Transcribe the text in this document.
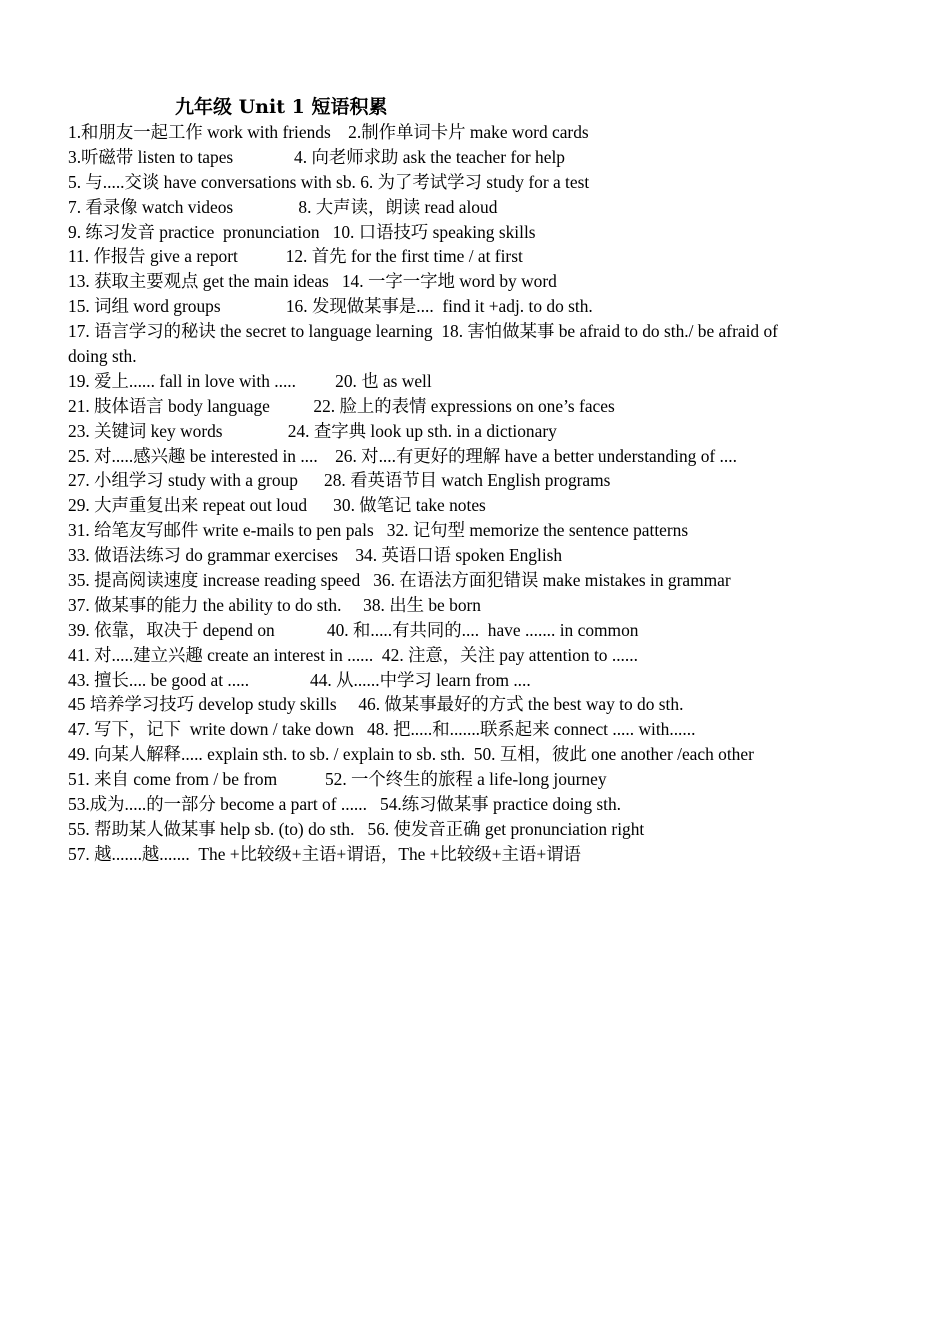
九年级 Unit 1 短语积累
1.和朋友一起工作 work with friends    2.制作单词卡片 make word cards
3.听磁带 listen to tapes              4. 向老师求助 ask the teacher for help
5. 与.....交谈 have conversations with sb. 6. 为了考试学习 study for a test
7. 看录像 watch videos               8. 大声读，朗读 read aloud
9. 练习发音 practice  pronunciation   10. 口语技巧 speaking skills
11. 作报告 give a report           12. 首先 for the first time / at first
13. 获取主要观点 get the main ideas   14. 一字一字地 word by word
15. 词组 word groups               16. 发现做某事是....  find it +adj. to do sth.
17. 语言学习的秘诀 the secret to language learning  18. 害怕做某事 be afraid to do sth./ be afraid of
doing sth.
19. 爱上...... fall in love with .....         20. 也 as well
21. 肢体语言 body language          22. 脸上的表情 expressions on one’s faces
23. 关键词 key words               24. 查字典 look up sth. in a dictionary
25. 对.....感兴趣 be interested in ....    26. 对....有更好的理解 have a better understanding of ....
27. 小组学习 study with a group      28. 看英语节目 watch English programs
29. 大声重复出来 repeat out loud      30. 做笔记 take notes
31. 给笔友写邮件 write e-mails to pen pals   32. 记句型 memorize the sentence patterns
33. 做语法练习 do grammar exercises    34. 英语口语 spoken English
35. 提高阅读速度 increase reading speed   36. 在语法方面犯错误 make mistakes in grammar
37. 做某事的能力 the ability to do sth.     38. 出生 be born
39. 依靠，取决于 depend on            40. 和.....有共同的....  have ....... in common
41. 对.....建立兴趣 create an interest in ......  42. 注意，关注 pay attention to ......
43. 擅长.... be good at .....              44. 从......中学习 learn from ....
45 培养学习技巧 develop study skills     46. 做某事最好的方式 the best way to do sth.
47. 写下，记下  write down / take down   48. 把.....和.......联系起来 connect ..... with......
49. 向某人解释..... explain sth. to sb. / explain to sb. sth.  50. 互相，彼此 one another /each other
51. 来自 come from / be from           52. 一个终生的旅程 a life-long journey
53.成为.....的一部分 become a part of ......   54.练习做某事 practice doing sth.
55. 帮助某人做某事 help sb. (to) do sth.   56. 使发音正确 get pronunciation right
57. 越.......越.......  The +比较级+主语+谓语，The +比较级+主语+谓语
